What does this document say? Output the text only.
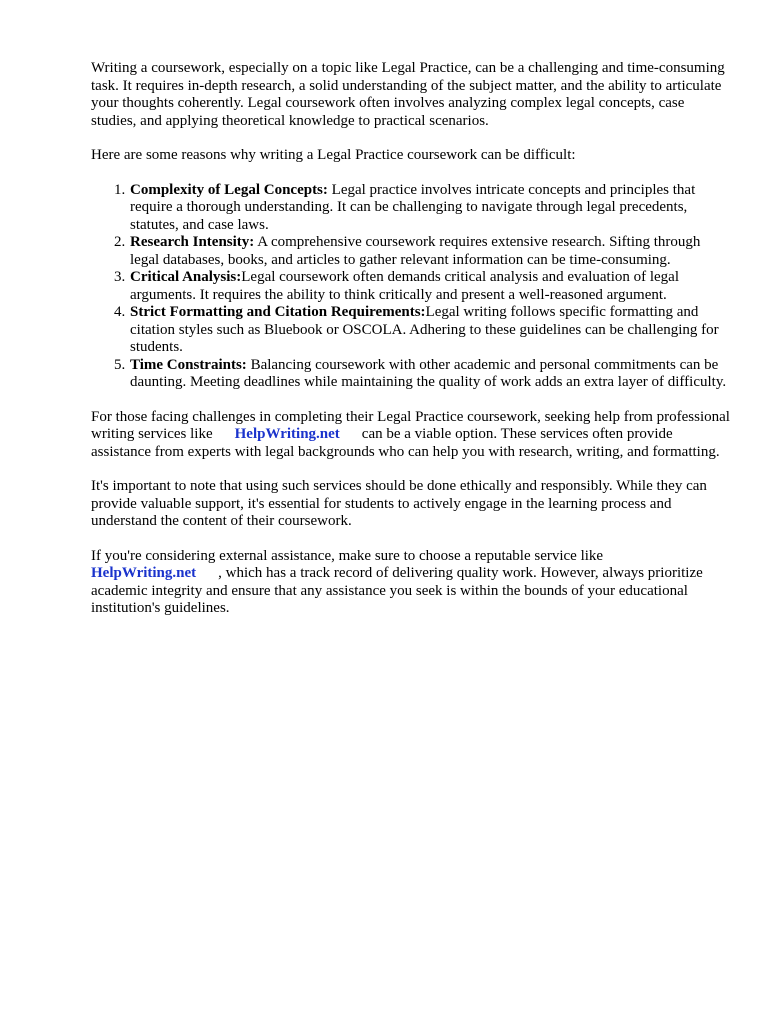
Writing a coursework, especially on a topic like Legal Practice, can be a challenging and time-consuming task. It requires in-depth research, a solid understanding of the subject matter, and the ability to articulate your thoughts coherently. Legal coursework often involves analyzing complex legal concepts, case studies, and applying theoretical knowledge to practical scenarios.

Here are some reasons why writing a Legal Practice coursework can be difficult:

1. Complexity of Legal Concepts: Legal practice involves intricate concepts and principles that require a thorough understanding. It can be challenging to navigate through legal precedents, statutes, and case laws.
2. Research Intensity: A comprehensive coursework requires extensive research. Sifting through legal databases, books, and articles to gather relevant information can be time-consuming.
3. Critical Analysis:Legal coursework often demands critical analysis and evaluation of legal arguments. It requires the ability to think critically and present a well-reasoned argument.
4. Strict Formatting and Citation Requirements:Legal writing follows specific formatting and citation styles such as Bluebook or OSCOLA. Adhering to these guidelines can be challenging for students.
5. Time Constraints: Balancing coursework with other academic and personal commitments can be daunting. Meeting deadlines while maintaining the quality of work adds an extra layer of difficulty.

For those facing challenges in completing their Legal Practice coursework, seeking help from professional writing services like HelpWriting.net can be a viable option. These services often provide assistance from experts with legal backgrounds who can help you with research, writing, and formatting.

It's important to note that using such services should be done ethically and responsibly. While they can provide valuable support, it's essential for students to actively engage in the learning process and understand the content of their coursework.

If you're considering external assistance, make sure to choose a reputable service like HelpWriting.net , which has a track record of delivering quality work. However, always prioritize academic integrity and ensure that any assistance you seek is within the bounds of your educational institution's guidelines.
